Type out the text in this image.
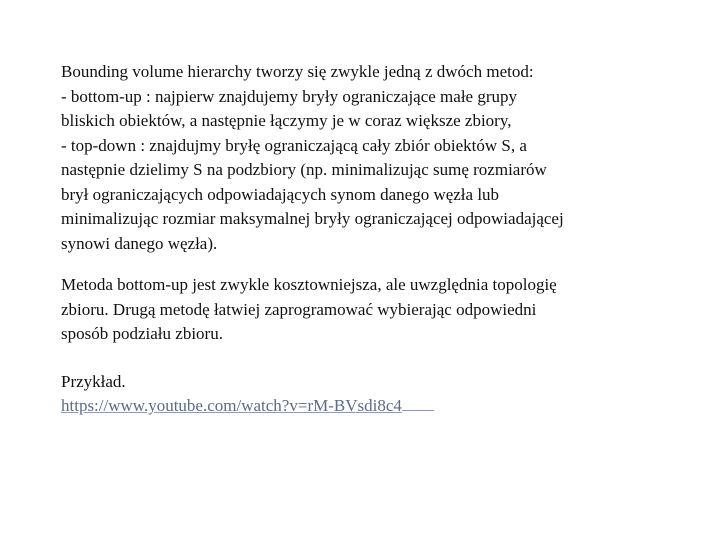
Bounding volume hierarchy tworzy się zwykle jedną z dwóch metod:
- bottom-up : najpierw znajdujemy bryły ograniczające małe grupy
bliskich obiektów, a następnie łączymy je w coraz większe zbiory,
- top-down : znajdujmy bryłę ograniczającą cały zbiór obiektów S, a
następnie dzielimy S na podzbiory (np. minimalizując sumę rozmiarów
brył ograniczających odpowiadających synom danego węzła lub
minimalizując rozmiar maksymalnej bryły ograniczającej odpowiadającej
synowi danego węzła).

Metoda bottom-up jest zwykle kosztowniejsza, ale uwzględnia topologię
zbioru. Drugą metodę łatwiej zaprogramować wybierając odpowiedni
sposób podziału zbioru.

Przykład.
https://www.youtube.com/watch?v=rM-BVsdi8c4
